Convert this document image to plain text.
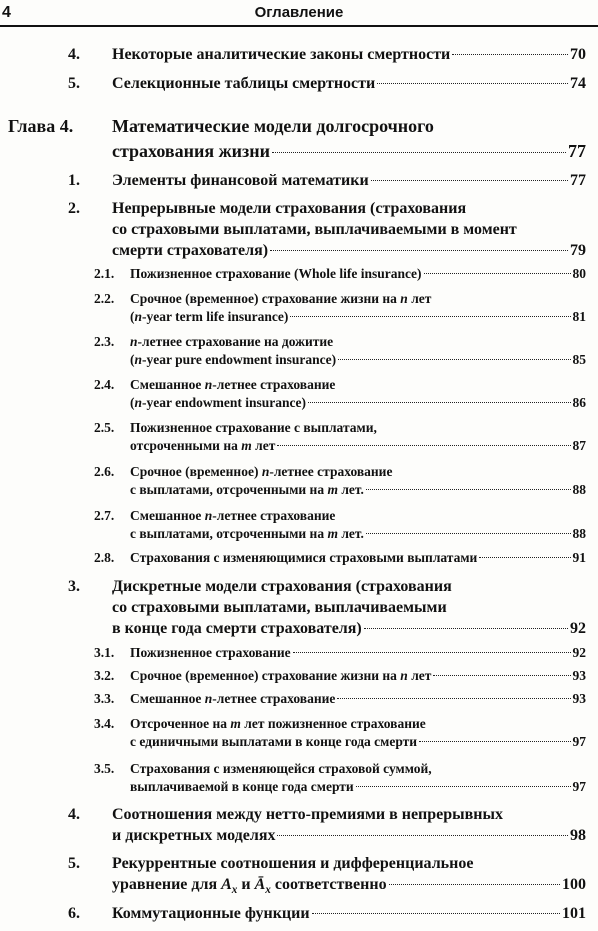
4	Оглавление
4. Некоторые аналитические законы смертности	70
5. Селекционные таблицы смертности	74
Глава 4. Математические модели долгосрочного
страхования жизни	77
1. Элементы финансовой математики	77
2. Непрерывные модели страхования (страхования
со страховыми выплатами, выплачиваемыми в момент
смерти страхователя)	79
2.1. Пожизненное страхование (Whole life insurance)	80
2.2. Срочное (временное) страхование жизни на n лет
(n-year term life insurance)	81
2.3. n-летнее страхование на дожитие
(n-year pure endowment insurance)	85
2.4. Смешанное n-летнее страхование
(n-year endowment insurance)	86
2.5. Пожизненное страхование с выплатами,
отсроченными на m лет	87
2.6. Срочное (временное) n-летнее страхование
с выплатами, отсроченными на m лет.	88
2.7. Смешанное n-летнее страхование
с выплатами, отсроченными на m лет.	88
2.8. Страхования с изменяющимися страховыми выплатами	91
3. Дискретные модели страхования (страхования
со страховыми выплатами, выплачиваемыми
в конце года смерти страхователя)	92
3.1. Пожизненное страхование	92
3.2. Срочное (временное) страхование жизни на n лет	93
3.3. Смешанное n-летнее страхование	93
3.4. Отсроченное на m лет пожизненное страхование
с единичными выплатами в конце года смерти	97
3.5. Страхования с изменяющейся страховой суммой,
выплачиваемой в конце года смерти	97
4. Соотношения между нетто-премиями в непрерывных
и дискретных моделях	98
5. Рекуррентные соотношения и дифференциальное
уравнение для $A_x$ и $Ā_x$ соответственно	100
6. Коммутационные функции	101
